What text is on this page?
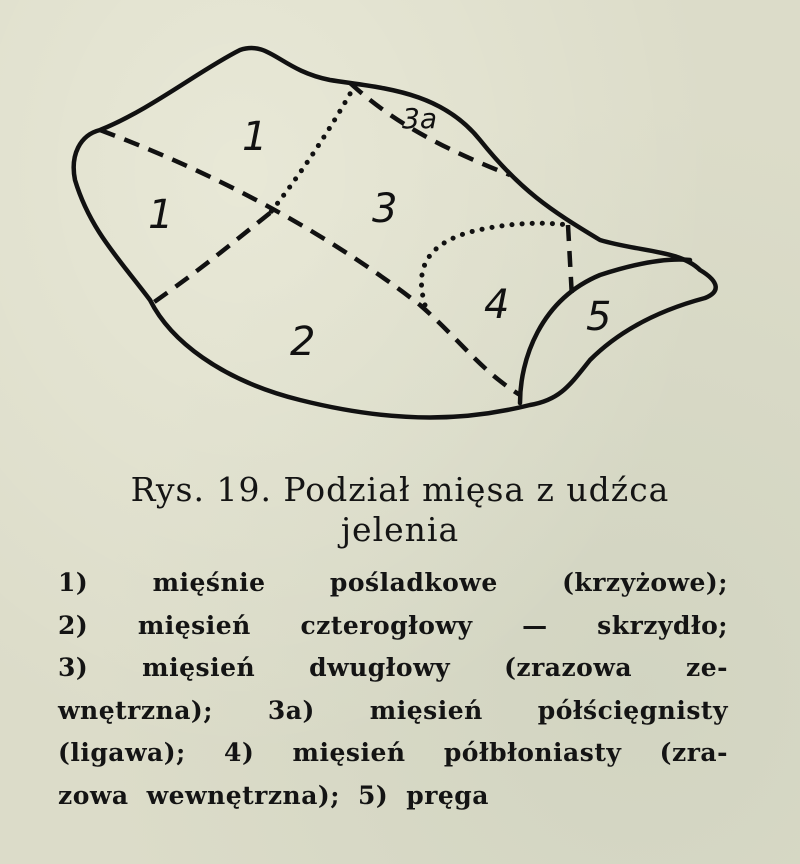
1
1
2
3
3a
4 5

Rys. 19. Podział mięsa z udźca

jelenia

1)	mięśnie	pośladkowe	(krzyżowe);
2) mięsień czterogłowy — skrzydło;
3) mięsień dwugłowy (zrazowa ze-
wnętrzna); 3a) mięsień półścięgnisty
(ligawa); 4) mięsień półbłoniasty (zra-
zowa wewnętrzna); 5) pręga
